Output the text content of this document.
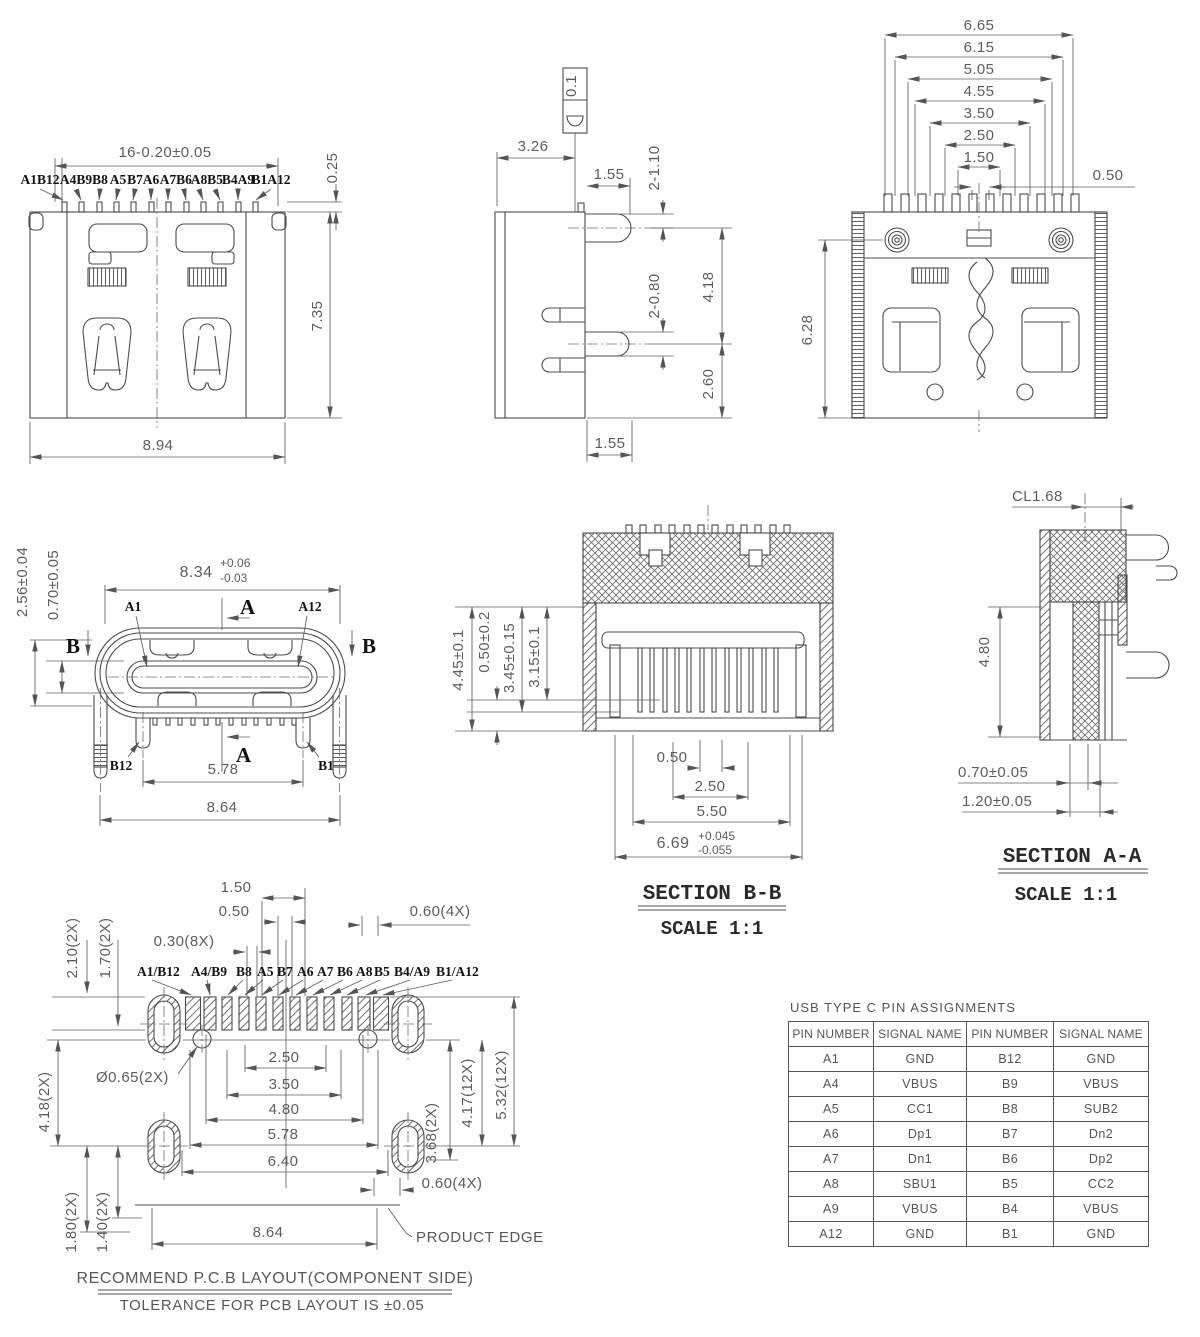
16-0.20±0.05
A1B12 A4B9 B8 A5 B7 A6 A7 B6
A8 B5
B4A9
B1A12 0.25
7.35
8.94
0.1
3.26
1.55 2-1.10
4.18
2-0.80
2.60
1.55
6.65
6.15
5.05
4.55
3.50
2.50
1.50
0.50
6.28
2.56±0.04 0.70±0.05	8.34
+0.06
-0.03
A
A
B	B
A1	A12
B12	B1
5.78
8.64
4.45±0.1 0.50±0.2 3.45±0.15 3.15±0.1
0.50
2.50
5.50
6.69 +0.045
-0.055
SECTION B-B
SCALE 1:1
CL1.68
4.80
0.70±0.05
1.20±0.05
SECTION A-A
SCALE 1:1
1.50
0.50
0.30(8X)
0.60(4X)
2.10(2X) 1.70(2X) A1/B12 A4/B9 B8 A5 B7 A6 A7 B6 A8 B5 B4/A9 B1/A12
4.18(2X)
1.80(2X) 1.40(2X)
3.68(2X)
4.17(12X) 5.32(12X)
Ø0.65(2X)
2.50
3.50
4.80
5.78
6.40
0.60(4X)
8.64	PRODUCT EDGE
RECOMMEND P.C.B LAYOUT(COMPONENT SIDE)
TOLERANCE FOR PCB LAYOUT IS ±0.05

USB TYPE C PIN ASSIGNMENTS

PIN NUMBER	SIGNAL NAME	PIN NUMBER	SIGNAL NAME
A1	GND	B12	GND
A4	VBUS	B9	VBUS
A5	CC1	B8	SUB2
A6	Dp1	B7	Dn2
A7	Dn1	B6	Dp2
A8	SBU1	B5	CC2
A9	VBUS	B4	VBUS
A12	GND	B1	GND
